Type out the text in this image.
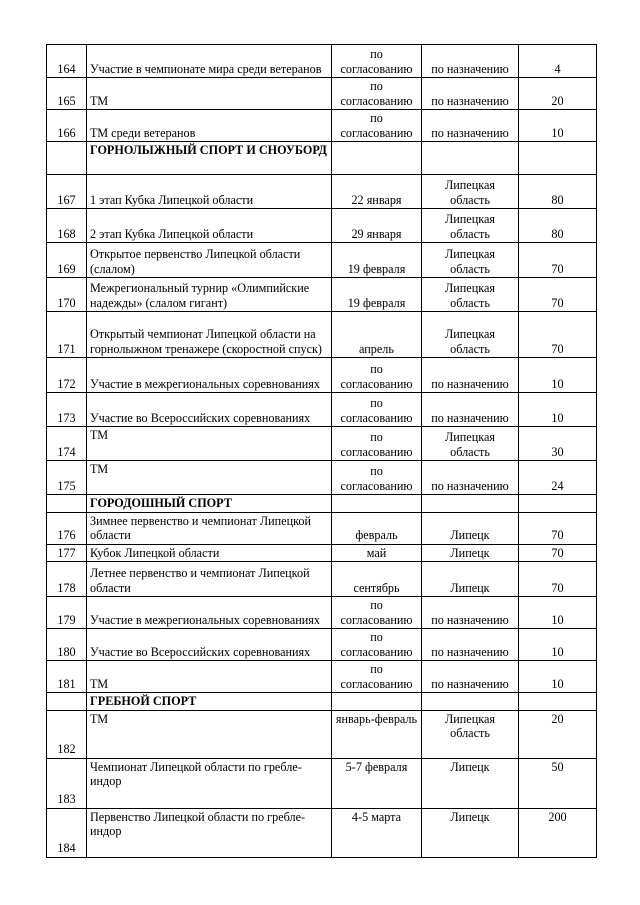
164	Участие в чемпионате мира среди ветеранов	по согласованию	по назначению	4
165	ТМ	по согласованию	по назначению	20
166	ТМ среди ветеранов	по согласованию	по назначению	10
	ГОРНОЛЫЖНЫЙ СПОРТ И СНОУБОРД			
167	1 этап Кубка Липецкой области	22 января	Липецкая область	80
168	2 этап Кубка Липецкой области	29 января	Липецкая область	80
169	Открытое первенство Липецкой области (слалом)	19 февраля	Липецкая область	70
170	Межрегиональный турнир «Олимпийские надежды» (слалом гигант)	19 февраля	Липецкая область	70
171	Открытый чемпионат Липецкой области на горнолыжном тренажере (скоростной спуск)	апрель	Липецкая область	70
172	Участие в межрегиональных соревнованиях	по согласованию	по назначению	10
173	Участие во Всероссийских соревнованиях	по согласованию	по назначению	10
174	ТМ	по согласованию	Липецкая область	30
175	ТМ	по согласованию	по назначению	24
	ГОРОДОШНЫЙ СПОРТ			
176	Зимнее первенство и чемпионат Липецкой области	февраль	Липецк	70
177	Кубок Липецкой области	май	Липецк	70
178	Летнее первенство и чемпионат Липецкой области	сентябрь	Липецк	70
179	Участие в межрегиональных соревнованиях	по согласованию	по назначению	10
180	Участие во Всероссийских соревнованиях	по согласованию	по назначению	10
181	ТМ	по согласованию	по назначению	10
	ГРЕБНОЙ СПОРТ			
182	ТМ	январь-февраль	Липецкая область	20
183	Чемпионат Липецкой области по гребле-индор	5-7 февраля	Липецк	50
184	Первенство Липецкой области по гребле-индор	4-5 марта	Липецк	200
